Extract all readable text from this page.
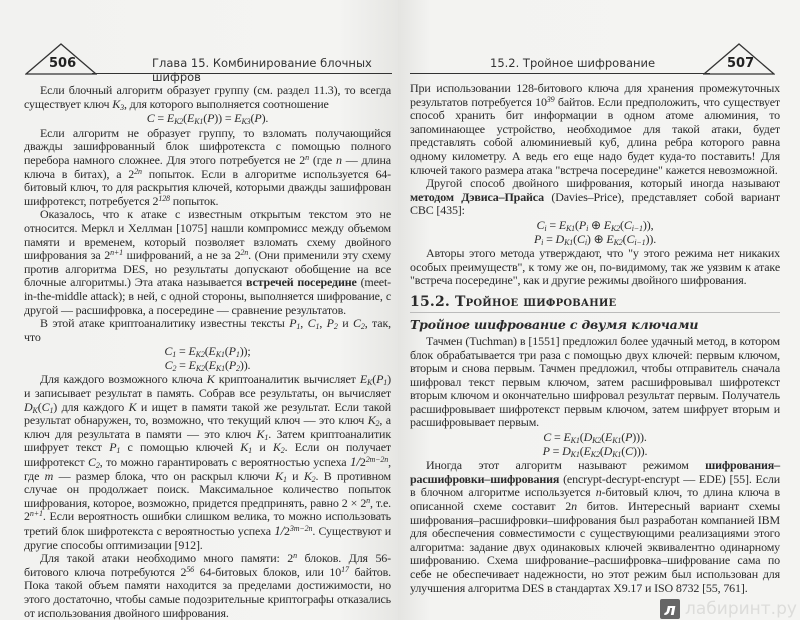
506	Глава 15. Комбинирование блочных шифров

Если блочный алгоритм образует группу (см. раздел 11.3), то всегда существует ключ $K_3$, для которого выполняется соотношение

$C = E_{K2}(E_{K1}(P)) = E_{K3}(P)$.

Если алгоритм не образует группу, то взломать получающийся дважды зашифрованный блок шифротекста с помощью полного перебора намного сложнее. Для этого потребуется не 2$^n$ (где n — длина ключа в битах), а $2^{2n}$ попыток. Если в алгоритме используется 64-битовый ключ, то для раскрытия ключей, которыми дважды зашифрован шифротекст, потребуется $2^{128}$ попыток.

Оказалось, что к атаке с известным открытым текстом это не относится. Меркл и Хеллман [1075] нашли компромисс между объемом памяти и временем, который позволяет взломать схему двойного шифрования за $2^{n+1}$ шифрований, а не за $2^{2n}$. (Они применили эту схему против алгоритма DES, но результаты допускают обобщение на все блочные алгоритмы.) Эта атака называется встречей посередине (meet-in-the-middle attack); в ней, с одной стороны, выполняется шифрование, с другой — расшифровка, а посередине — сравнение результатов.

В этой атаке криптоаналитику известны тексты $P_1$, $C_1$, $P_2$ и $C_2$, так, что

$C_1 = E_{K2}(E_{K1}(P_1))$;
$C_2 = E_{K2}(E_{K1}(P_2))$.

Для каждого возможного ключа K криптоаналитик вычисляет $E_K(P_1)$ и записывает результат в память. Собрав все результаты, он вычисляет $D_K(C_1)$ для каждого K и ищет в памяти такой же результат. Если такой результат обнаружен, то, возможно, что текущий ключ — это ключ $K_2$, а ключ для результата в памяти — это ключ $K_1$. Затем криптоаналитик шифрует текст $P_1$ с помощью ключей $K_1$ и $K_2$. Если он получает шифротекст $C_2$, то можно гарантировать с вероятностью успеха $1/2^{2m-2n}$, где m — размер блока, что он раскрыл ключи $K_1$ и $K_2$. В противном случае он продолжает поиск. Максимальное количество попыток шифрования, которое, возможно, придется предпринять, равно $2 \times 2^n$, т.е. $2^{n+1}$. Если вероятность ошибки слишком велика, то можно использовать третий блок шифротекста с вероятностью успеха $1/2^{3m-2n}$. Существуют и другие способы оптимизации [912].

Для такой атаки необходимо много памяти: 2$^n$ блоков. Для 56-битового ключа потребуются $2^{56}$ 64-битовых блоков, или $10^{17}$ байтов. Пока такой объем памяти находится за пределами достижимости, но этого достаточно, чтобы самые подозрительные криптографы отказались от использования двойного шифрования.

15.2. Тройное шифрование	507

При использовании 128-битового ключа для хранения промежуточных результатов потребуется $10^{39}$ байтов. Если предположить, что существует способ хранить бит информации в одном атоме алюминия, то запоминающее устройство, необходимое для такой атаки, будет представлять собой алюминиевый куб, длина ребра которого равна одному километру. А ведь его еще надо будет куда-то поставить! Для ключей такого размера атака "встреча посередине" кажется невозможной.

Другой способ двойного шифрования, который иногда называют методом Дэвиса–Прайса (Davies–Price), представляет собой вариант CBC [435]:

$C_i = E_{K1}(P_i$ ⊕ $E_{K2}(C_{i-1})$),
$P_i = D_{K1}(C_i)$ ⊕ $E_{K2}(C_{i-1})$).

Авторы этого метода утверждают, что "у этого режима нет никаких особых преимуществ", к тому же он, по-видимому, так же уязвим к атаке "встреча посередине", как и другие режимы двойного шифрования.

15.2. Тройное шифрование
Тройное шифрование с двумя ключами

Тачмен (Tuchman) в [1551] предложил более удачный метод, в котором блок обрабатывается три раза с помощью двух ключей: первым ключом, вторым и снова первым. Тачмен предложил, чтобы отправитель сначала шифровал текст первым ключом, затем расшифровывал шифротекст вторым ключом и окончательно шифровал результат первым. Получатель расшифровывает шифротекст первым ключом, затем шифрует вторым и расшифровывает первым.

$C = E_{K1}(D_{K2}(E_{K1}(P)))$.
$P = D_{K1}(E_{K2}(D_{K1}(C)))$.

Иногда этот алгоритм называют режимом шифрования–расшифровки–шифрования (encrypt-decrypt-encrypt — EDE) [55]. Если в блочном алгоритме используется n-битовый ключ, то длина ключа в описанной схеме составит 2n битов. Интересный вариант схемы шифрования–расшифровки–шифрования был разработан компанией IBM для обеспечения совместимости с существующими реализациями этого алгоритма: задание двух одинаковых ключей эквивалентно одинарному шифрованию. Схема шифрование–расшифровка–шифрование сама по себе не обеспечивает надежности, но этот режим был использован для улучшения алгоритма DES в стандартах X9.17 и ISO 8732 [55, 761].

л лабиринт.ру
